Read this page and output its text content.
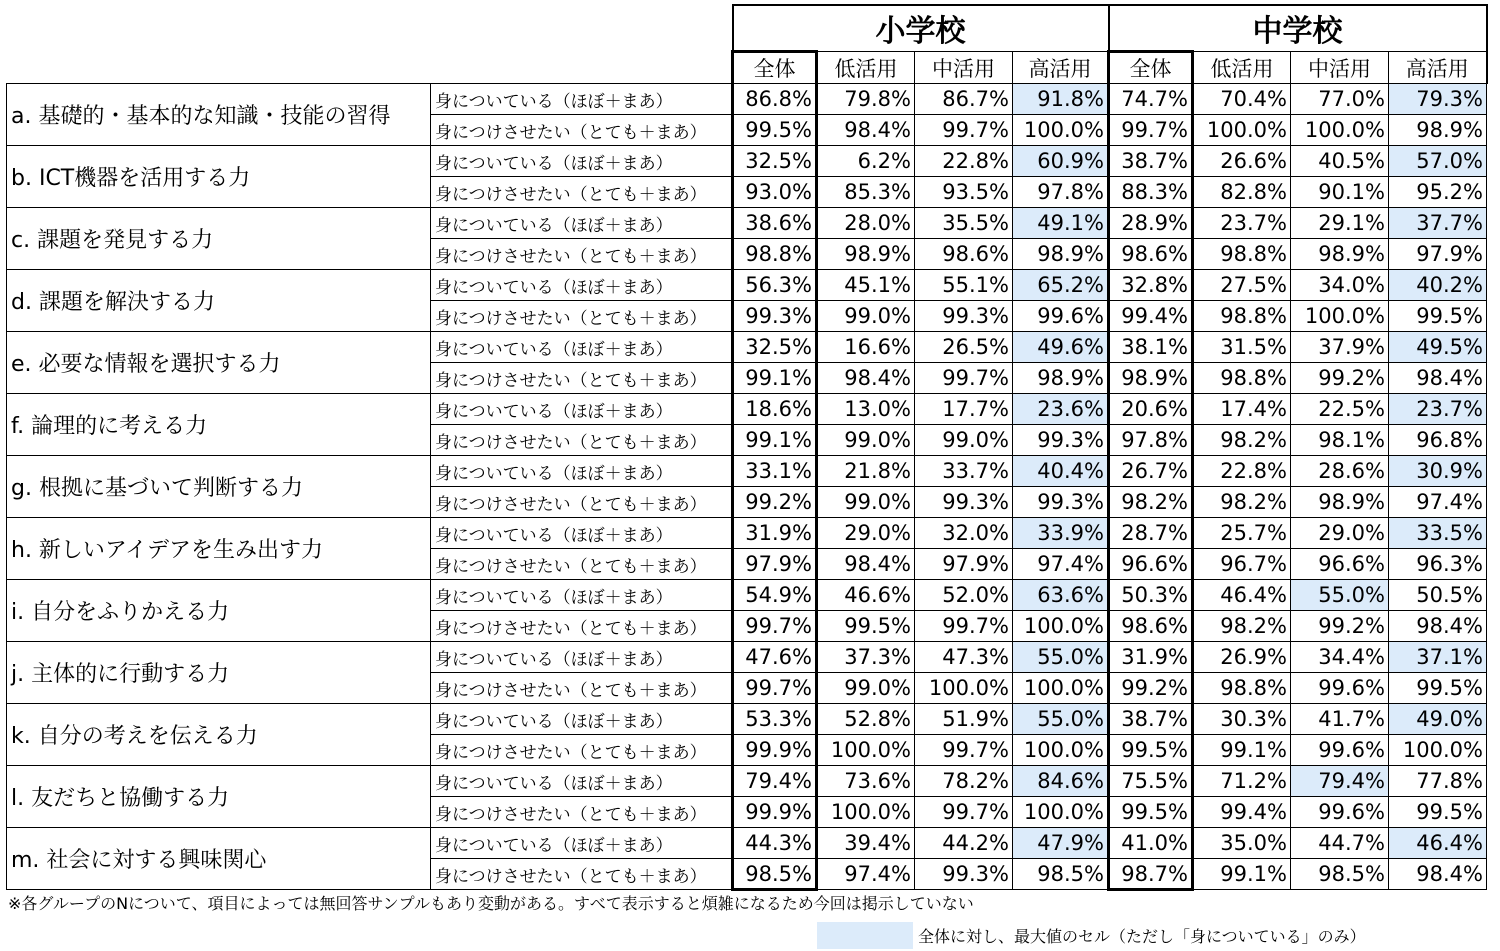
		小学校				中学校			
		全体	低活用	中活用	高活用	全体	低活用	中活用	高活用
a. 基礎的・基本的な知識・技能の習得	身についている（ほぼ＋まあ）	86.8%	79.8%	86.7%	91.8%	74.7%	70.4%	77.0%	79.3%
	身につけさせたい（とても＋まあ）	99.5%	98.4%	99.7%	100.0%	99.7%	100.0%	100.0%	98.9%
b. ICT機器を活用する力	身についている（ほぼ＋まあ）	32.5%	6.2%	22.8%	60.9%	38.7%	26.6%	40.5%	57.0%
	身につけさせたい（とても＋まあ）	93.0%	85.3%	93.5%	97.8%	88.3%	82.8%	90.1%	95.2%
c. 課題を発見する力	身についている（ほぼ＋まあ）	38.6%	28.0%	35.5%	49.1%	28.9%	23.7%	29.1%	37.7%
	身につけさせたい（とても＋まあ）	98.8%	98.9%	98.6%	98.9%	98.6%	98.8%	98.9%	97.9%
d. 課題を解決する力	身についている（ほぼ＋まあ）	56.3%	45.1%	55.1%	65.2%	32.8%	27.5%	34.0%	40.2%
	身につけさせたい（とても＋まあ）	99.3%	99.0%	99.3%	99.6%	99.4%	98.8%	100.0%	99.5%
e. 必要な情報を選択する力	身についている（ほぼ＋まあ）	32.5%	16.6%	26.5%	49.6%	38.1%	31.5%	37.9%	49.5%
	身につけさせたい（とても＋まあ）	99.1%	98.4%	99.7%	98.9%	98.9%	98.8%	99.2%	98.4%
f. 論理的に考える力	身についている（ほぼ＋まあ）	18.6%	13.0%	17.7%	23.6%	20.6%	17.4%	22.5%	23.7%
	身につけさせたい（とても＋まあ）	99.1%	99.0%	99.0%	99.3%	97.8%	98.2%	98.1%	96.8%
g. 根拠に基づいて判断する力	身についている（ほぼ＋まあ）	33.1%	21.8%	33.7%	40.4%	26.7%	22.8%	28.6%	30.9%
	身につけさせたい（とても＋まあ）	99.2%	99.0%	99.3%	99.3%	98.2%	98.2%	98.9%	97.4%
h. 新しいアイデアを生み出す力	身についている（ほぼ＋まあ）	31.9%	29.0%	32.0%	33.9%	28.7%	25.7%	29.0%	33.5%
	身につけさせたい（とても＋まあ）	97.9%	98.4%	97.9%	97.4%	96.6%	96.7%	96.6%	96.3%
i. 自分をふりかえる力	身についている（ほぼ＋まあ）	54.9%	46.6%	52.0%	63.6%	50.3%	46.4%	55.0%	50.5%
	身につけさせたい（とても＋まあ）	99.7%	99.5%	99.7%	100.0%	98.6%	98.2%	99.2%	98.4%
j. 主体的に行動する力	身についている（ほぼ＋まあ）	47.6%	37.3%	47.3%	55.0%	31.9%	26.9%	34.4%	37.1%
	身につけさせたい（とても＋まあ）	99.7%	99.0%	100.0%	100.0%	99.2%	98.8%	99.6%	99.5%
k. 自分の考えを伝える力	身についている（ほぼ＋まあ）	53.3%	52.8%	51.9%	55.0%	38.7%	30.3%	41.7%	49.0%
	身につけさせたい（とても＋まあ）	99.9%	100.0%	99.7%	100.0%	99.5%	99.1%	99.6%	100.0%
l. 友だちと協働する力	身についている（ほぼ＋まあ）	79.4%	73.6%	78.2%	84.6%	75.5%	71.2%	79.4%	77.8%
	身につけさせたい（とても＋まあ）	99.9%	100.0%	99.7%	100.0%	99.5%	99.4%	99.6%	99.5%
m. 社会に対する興味関心	身についている（ほぼ＋まあ）	44.3%	39.4%	44.2%	47.9%	41.0%	35.0%	44.7%	46.4%
	身につけさせたい（とても＋まあ）	98.5%	97.4%	99.3%	98.5%	98.7%	99.1%	98.5%	98.4%
※各グループのNについて、項目によっては無回答サンプルもあり変動がある。すべて表示すると煩雑になるため今回は掲示していない
全体に対し、最大値のセル（ただし「身についている」のみ）
